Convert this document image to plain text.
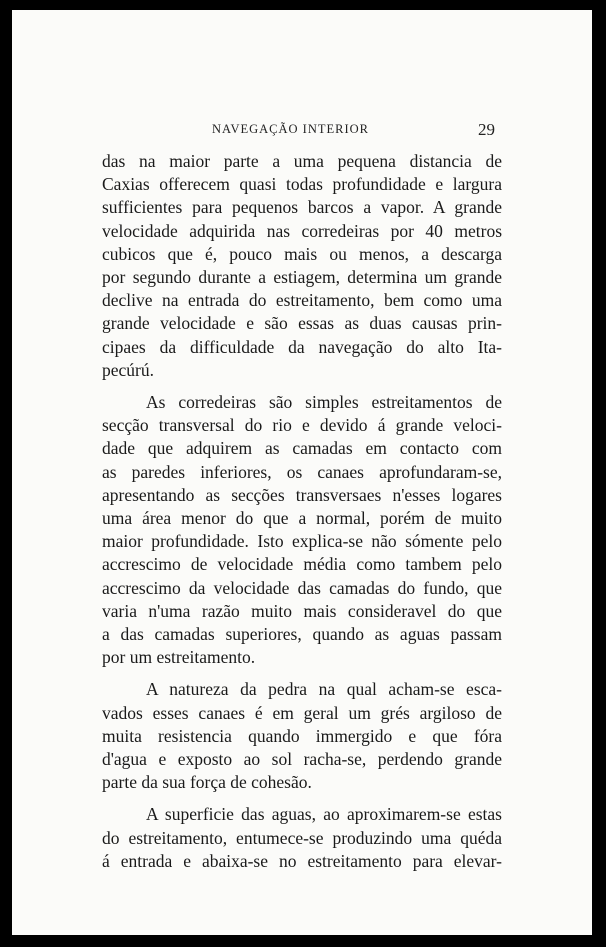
NAVEGAÇÃO INTERIOR	29

das na maior parte a uma pequena distancia de
Caxias offerecem quasi todas profundidade e largura
sufficientes para pequenos barcos a vapor. A grande
velocidade adquirida nas corredeiras por 40 metros
cubicos que é, pouco mais ou menos, a descarga
por segundo durante a estiagem, determina um grande
declive na entrada do estreitamento, bem como uma
grande velocidade e são essas as duas causas prin-
cipaes da difficuldade da navegação do alto Ita-
pecúrú.

As corredeiras são simples estreitamentos de
secção transversal do rio e devido á grande veloci-
dade que adquirem as camadas em contacto com
as paredes inferiores, os canaes aprofundaram-se,
apresentando as secções transversaes n'esses logares
uma área menor do que a normal, porém de muito
maior profundidade. Isto explica-se não sómente pelo
accrescimo de velocidade média como tambem pelo
accrescimo da velocidade das camadas do fundo, que
varia n'uma razão muito mais consideravel do que
a das camadas superiores, quando as aguas passam
por um estreitamento.

A natureza da pedra na qual acham-se esca-
vados esses canaes é em geral um grés argiloso de
muita resistencia quando immergido e que fóra
d'agua e exposto ao sol racha-se, perdendo grande
parte da sua força de cohesão.

A superficie das aguas, ao aproximarem-se estas
do estreitamento, entumece-se produzindo uma quéda
á entrada e abaixa-se no estreitamento para elevar-
